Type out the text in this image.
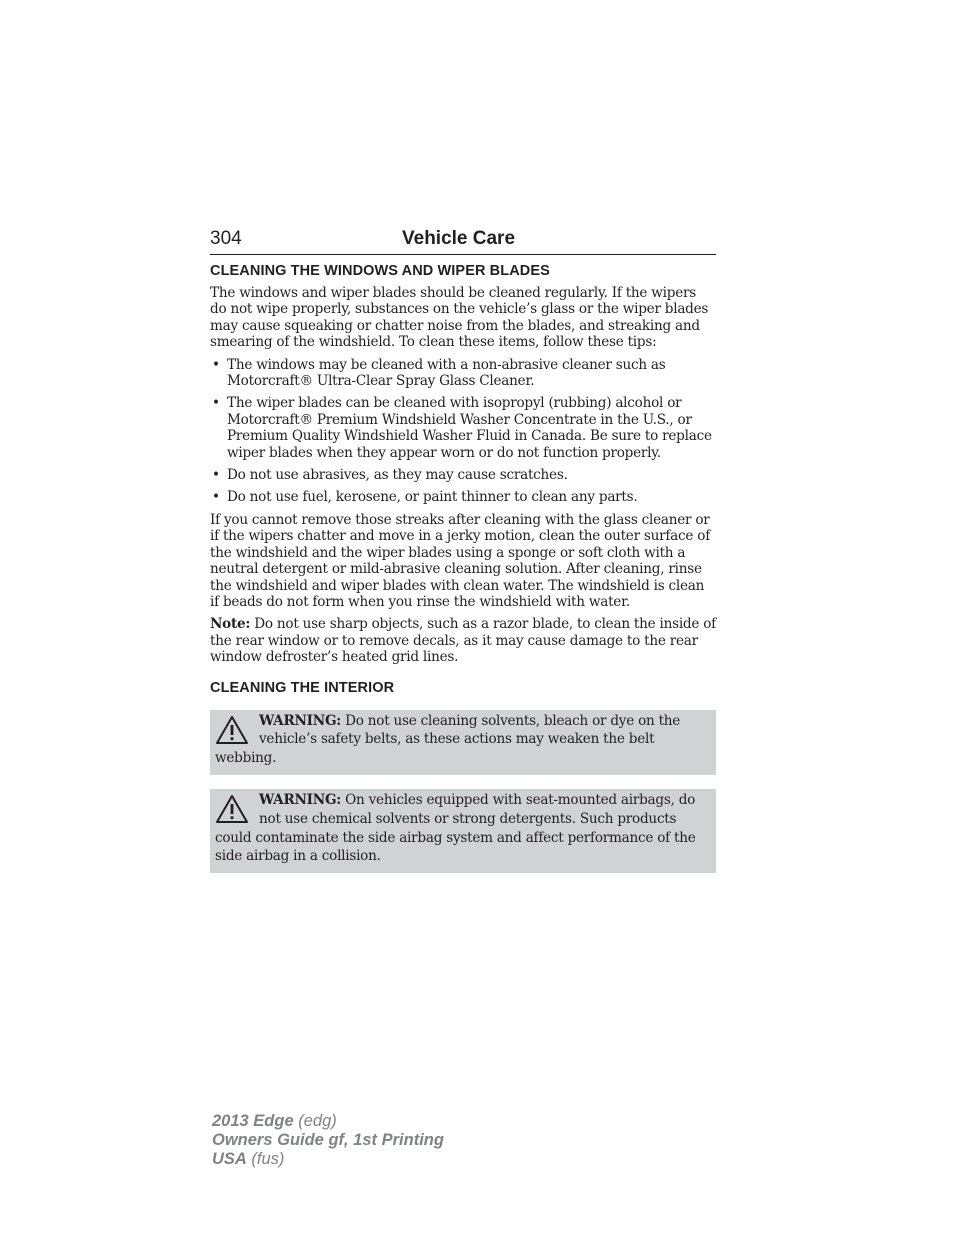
304	Vehicle Care
CLEANING THE WINDOWS AND WIPER BLADES

The windows and wiper blades should be cleaned regularly. If the wipers do not wipe properly, substances on the vehicle’s glass or the wiper blades may cause squeaking or chatter noise from the blades, and streaking and smearing of the windshield. To clean these items, follow these tips:

• The windows may be cleaned with a non-abrasive cleaner such as Motorcraft® Ultra-Clear Spray Glass Cleaner.
• The wiper blades can be cleaned with isopropyl (rubbing) alcohol or Motorcraft® Premium Windshield Washer Concentrate in the U.S., or Premium Quality Windshield Washer Fluid in Canada. Be sure to replace wiper blades when they appear worn or do not function properly.
• Do not use abrasives, as they may cause scratches.
• Do not use fuel, kerosene, or paint thinner to clean any parts.

If you cannot remove those streaks after cleaning with the glass cleaner or if the wipers chatter and move in a jerky motion, clean the outer surface of the windshield and the wiper blades using a sponge or soft cloth with a neutral detergent or mild-abrasive cleaning solution. After cleaning, rinse the windshield and wiper blades with clean water. The windshield is clean if beads do not form when you rinse the windshield with water.

Note: Do not use sharp objects, such as a razor blade, to clean the inside of the rear window or to remove decals, as it may cause damage to the rear window defroster’s heated grid lines.

CLEANING THE INTERIOR

WARNING: Do not use cleaning solvents, bleach or dye on the vehicle’s safety belts, as these actions may weaken the belt webbing.

WARNING: On vehicles equipped with seat-mounted airbags, do not use chemical solvents or strong detergents. Such products could contaminate the side airbag system and affect performance of the side airbag in a collision.

2013 Edge (edg)
Owners Guide gf, 1st Printing
USA (fus)
